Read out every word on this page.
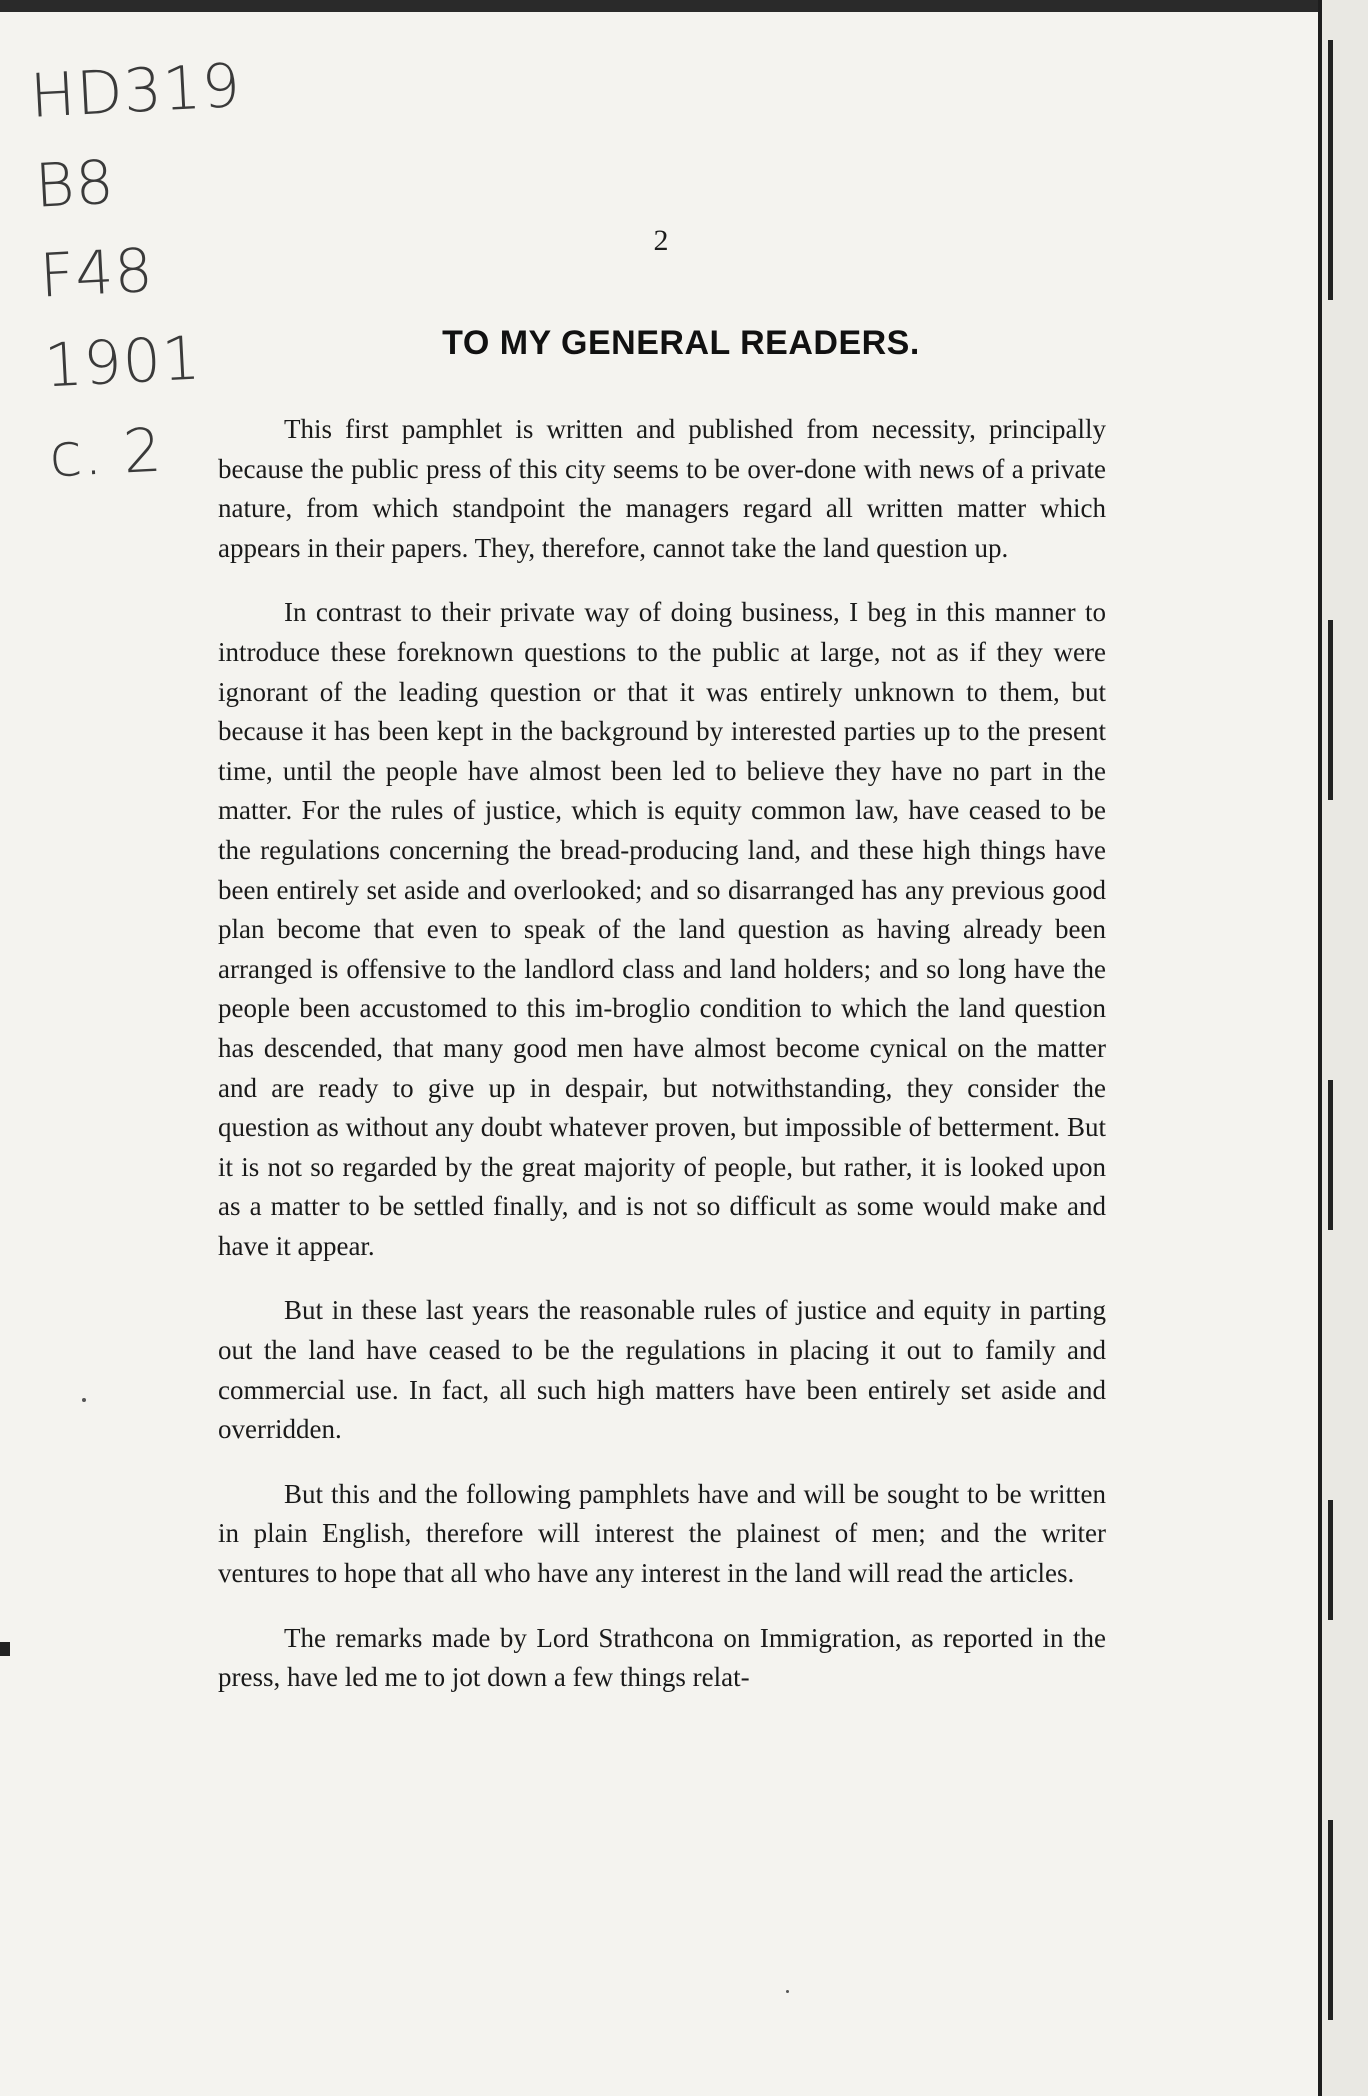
HD319
B8
F48
1901
c. 2
2
TO MY GENERAL READERS.

This first pamphlet is written and published from necessity, principally because the public press of this city seems to be over-done with news of a private nature, from which standpoint the managers regard all written matter which appears in their papers. They, therefore, cannot take the land question up.

In contrast to their private way of doing business, I beg in this manner to introduce these foreknown questions to the public at large, not as if they were ignorant of the leading question or that it was entirely unknown to them, but because it has been kept in the background by interested parties up to the present time, until the people have almost been led to believe they have no part in the matter. For the rules of justice, which is equity common law, have ceased to be the regulations concerning the bread-producing land, and these high things have been entirely set aside and overlooked; and so disarranged has any previous good plan become that even to speak of the land question as having already been arranged is offensive to the landlord class and land holders; and so long have the people been accustomed to this im-broglio condition to which the land question has descended, that many good men have almost become cynical on the matter and are ready to give up in despair, but notwithstanding, they consider the question as without any doubt whatever proven, but impossible of betterment. But it is not so regarded by the great majority of people, but rather, it is looked upon as a matter to be settled finally, and is not so difficult as some would make and have it appear.

But in these last years the reasonable rules of justice and equity in parting out the land have ceased to be the regulations in placing it out to family and commercial use. In fact, all such high matters have been entirely set aside and overridden.

But this and the following pamphlets have and will be sought to be written in plain English, therefore will interest the plainest of men; and the writer ventures to hope that all who have any interest in the land will read the articles.

The remarks made by Lord Strathcona on Immigration, as reported in the press, have led me to jot down a few things relat-
